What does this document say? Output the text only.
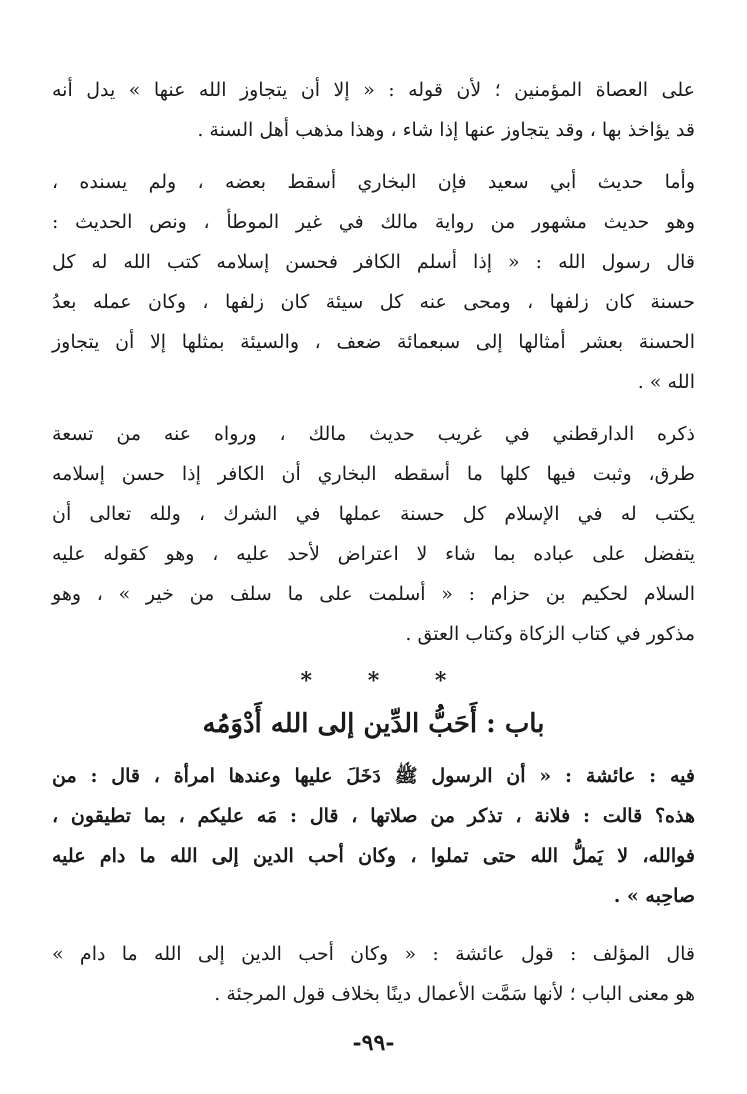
على العصاة المؤمنين ؛ لأن قوله : « إلا أن يتجاوز الله عنها » يدل أنه

قد يؤاخذ بها ، وقد يتجاوز عنها إذا شاء ، وهذا مذهب أهل السنة .

وأما حديث أبي سعيد فإن البخاري أسقط بعضه ، ولم يسنده ،

وهو حديث مشهور من رواية مالك في غير الموطأ ، ونص الحديث :

قال رسول الله : « إذا أسلم الكافر فحسن إسلامه كتب الله له كل

حسنة كان زلفها ، ومحى عنه كل سيئة كان زلفها ، وكان عمله بعدُ

الحسنة بعشر أمثالها إلى سبعمائة ضعف ، والسيئة بمثلها إلا أن يتجاوز

الله » .

ذكره الدارقطني في غريب حديث مالك ، ورواه عنه من تسعة

طرق، وثبت فيها كلها ما أسقطه البخاري أن الكافر إذا حسن إسلامه

يكتب له في الإسلام كل حسنة عملها في الشرك ، ولله تعالى أن

يتفضل على عباده بما شاء لا اعتراض لأحد عليه ، وهو كقوله عليه

السلام لحكيم بن حزام : « أسلمت على ما سلف من خير » ، وهو

مذكور في كتاب الزكاة وكتاب العتق .

*	*	*
باب : أَحَبُّ الدِّين إلى الله أَدْوَمُه

فيه : عائشة : « أن الرسول ﷺ دَخَلَ عليها وعندها امرأة ، قال : من

هذه؟ قالت : فلانة ، تذكر من صلاتها ، قال : مَه عليكم ، بما تطيقون ،

فوالله، لا يَملُّ الله حتى تملوا ، وكان أحب الدين إلى الله ما دام عليه

صاحِبه » .

قال المؤلف : قول عائشة : « وكان أحب الدين إلى الله ما دام »

هو معنى الباب ؛ لأنها سَمَّت الأعمال دينًا بخلاف قول المرجئة .

-٩٩-
